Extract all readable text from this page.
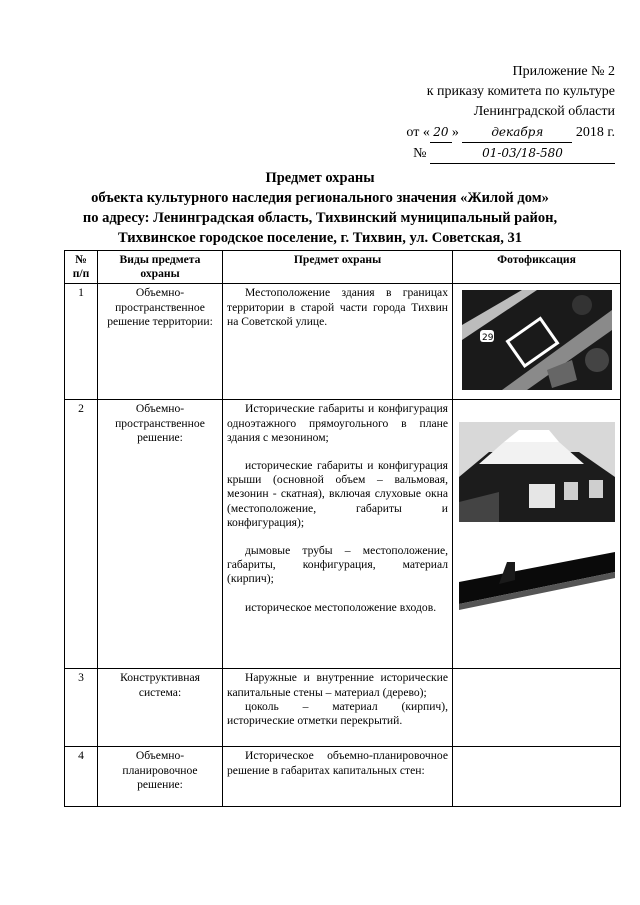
Приложение № 2
к приказу комитета по культуре
Ленинградской области
от « 20 »	декабря 2018 г.
№	01-03/18-580
Предмет охраны
объекта культурного наследия регионального значения «Жилой дом»
по адресу: Ленинградская область, Тихвинский муниципальный район,
Тихвинское городское поселение, г. Тихвин, ул. Советская, 31
№ п/п	Виды предмета охраны	Предмет охраны	Фотофиксация
1	Объемно-пространственное решение территории:	Местоположение здания в границах территории в старой части города Тихвин на Советской улице.	29

2	Объемно-пространственное решение:	Исторические габариты и конфигурация одноэтажного прямоугольного в плане здания с мезонином;

исторические габариты и конфигурация крыши (основной объем – вальмовая, мезонин - скатная), включая слуховые окна (местоположение, габариты и конфигурация);

дымовые трубы – местоположение, габариты, конфигурация, материал (кирпич);

историческое местоположение входов.

3	Конструктивная система:	Наружные и внутренние исторические капитальные стены – материал (дерево);

цоколь – материал (кирпич), исторические отметки перекрытий.	

4	Объемно-планировочное решение:	Историческое объемно-планировочное решение в габаритах капитальных стен:	
